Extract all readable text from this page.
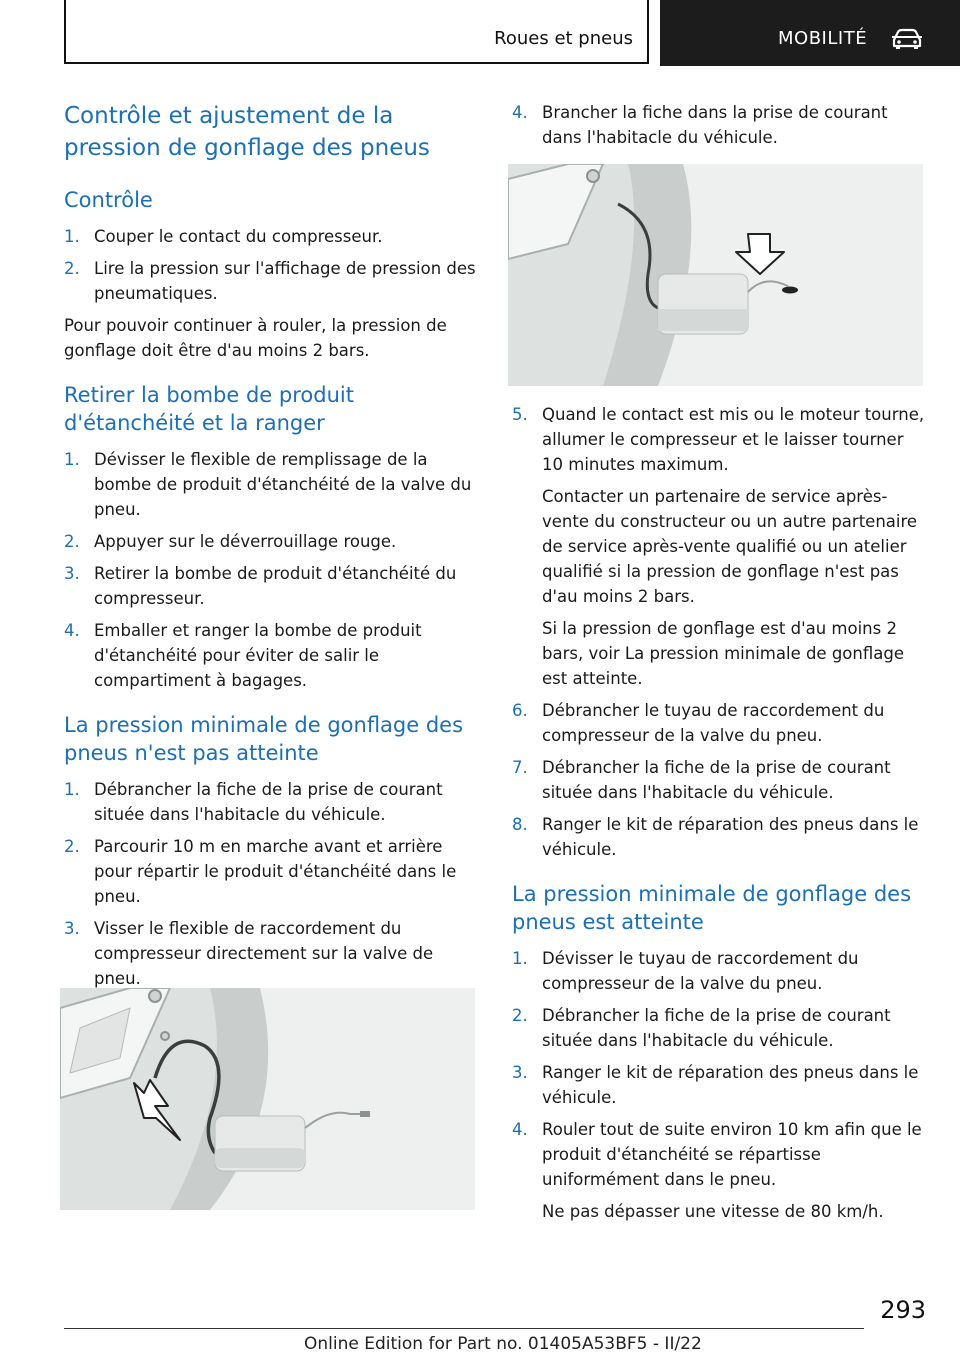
Roues et pneus	MOBILITÉ
Contrôle et ajustement de la pression de gonflage des pneus
Contrôle
1. Couper le contact du compresseur.
2. Lire la pression sur l'affichage de pression des pneumatiques.

Pour pouvoir continuer à rouler, la pression de gonflage doit être d'au moins 2 bars.

Retirer la bombe de produit d'étanchéité et la ranger
1. Dévisser le flexible de remplissage de la bombe de produit d'étanchéité de la valve du pneu.
2. Appuyer sur le déverrouillage rouge.
3. Retirer la bombe de produit d'étanchéité du compresseur.
4. Emballer et ranger la bombe de produit d'étanchéité pour éviter de salir le compartiment à bagages.
La pression minimale de gonflage des pneus n'est pas atteinte
1. Débrancher la fiche de la prise de courant située dans l'habitacle du véhicule.
2. Parcourir 10 m en marche avant et arrière pour répartir le produit d'étanchéité dans le pneu.
3. Visser le flexible de raccordement du compresseur directement sur la valve de pneu.
4. Brancher la fiche dans la prise de courant dans l'habitacle du véhicule.
5. Quand le contact est mis ou le moteur tourne, allumer le compresseur et le laisser tourner 10 minutes maximum.
Contacter un partenaire de service après-vente du constructeur ou un autre partenaire de service après-vente qualifié ou un atelier qualifié si la pression de gonflage n'est pas d'au moins 2 bars.
Si la pression de gonflage est d'au moins 2 bars, voir La pression minimale de gonflage est atteinte.
6. Débrancher le tuyau de raccordement du compresseur de la valve du pneu.
7. Débrancher la fiche de la prise de courant située dans l'habitacle du véhicule.
8. Ranger le kit de réparation des pneus dans le véhicule.
La pression minimale de gonflage des pneus est atteinte
1. Dévisser le tuyau de raccordement du compresseur de la valve du pneu.
2. Débrancher la fiche de la prise de courant située dans l'habitacle du véhicule.
3. Ranger le kit de réparation des pneus dans le véhicule.
4. Rouler tout de suite environ 10 km afin que le produit d'étanchéité se répartisse uniformément dans le pneu.
Ne pas dépasser une vitesse de 80 km/h.
293
Online Edition for Part no. 01405A53BF5 - II/22
